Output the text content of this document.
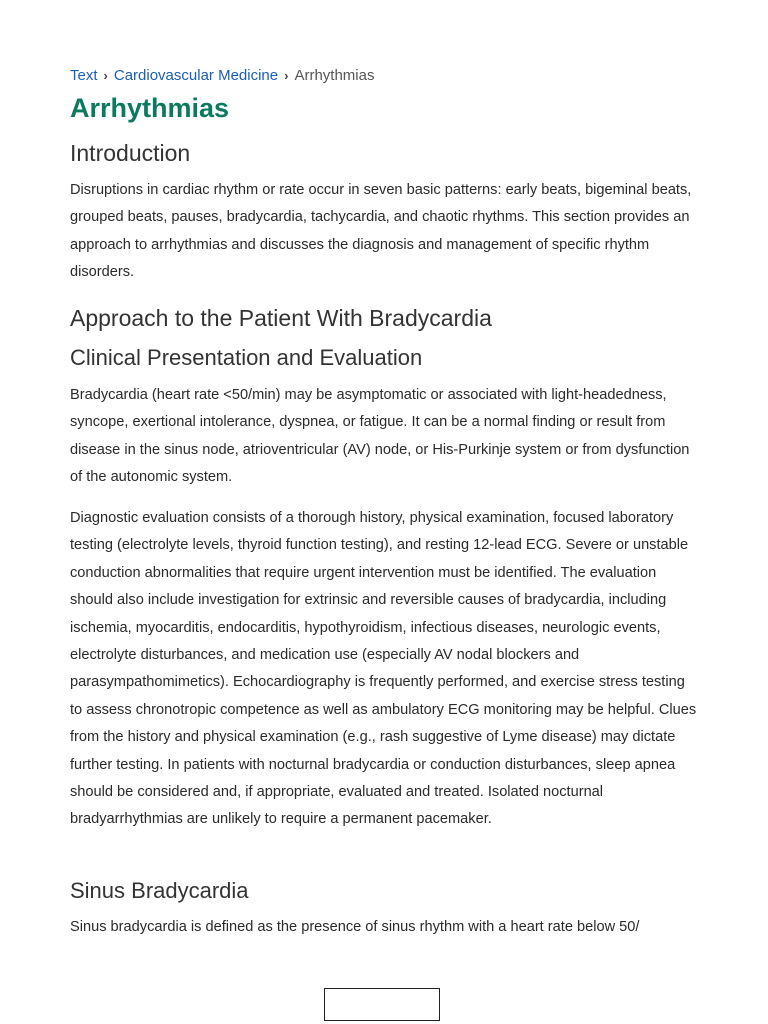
Text › Cardiovascular Medicine › Arrhythmias
Arrhythmias
Introduction

Disruptions in cardiac rhythm or rate occur in seven basic patterns: early beats, bigeminal beats, grouped beats, pauses, bradycardia, tachycardia, and chaotic rhythms. This section provides an approach to arrhythmias and discusses the diagnosis and management of specific rhythm disorders.

Approach to the Patient With Bradycardia
Clinical Presentation and Evaluation

Bradycardia (heart rate <50/min) may be asymptomatic or associated with light-headedness, syncope, exertional intolerance, dyspnea, or fatigue. It can be a normal finding or result from disease in the sinus node, atrioventricular (AV) node, or His-Purkinje system or from dysfunction of the autonomic system.

Diagnostic evaluation consists of a thorough history, physical examination, focused laboratory testing (electrolyte levels, thyroid function testing), and resting 12-lead ECG. Severe or unstable conduction abnormalities that require urgent intervention must be identified. The evaluation should also include investigation for extrinsic and reversible causes of bradycardia, including ischemia, myocarditis, endocarditis, hypothyroidism, infectious diseases, neurologic events, electrolyte disturbances, and medication use (especially AV nodal blockers and parasympathomimetics). Echocardiography is frequently performed, and exercise stress testing to assess chronotropic competence as well as ambulatory ECG monitoring may be helpful. Clues from the history and physical examination (e.g., rash suggestive of Lyme disease) may dictate further testing. In patients with nocturnal bradycardia or conduction disturbances, sleep apnea should be considered and, if appropriate, evaluated and treated. Isolated nocturnal bradyarrhythmias are unlikely to require a permanent pacemaker.

Sinus Bradycardia

Sinus bradycardia is defined as the presence of sinus rhythm with a heart rate below 50/
